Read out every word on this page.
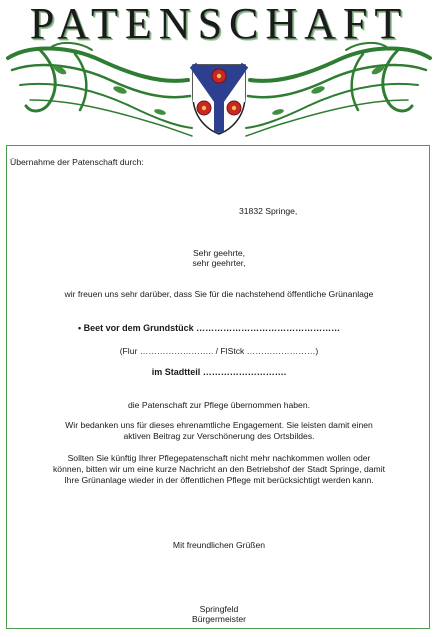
PATENSCHAFT
Übernahme der Patenschaft durch:
31832 Springe,
Sehr geehrte,
sehr geehrter,
wir freuen uns sehr darüber, dass Sie für die nachstehend öffentliche Grünanlage
• Beet vor dem Grundstück …………………………………………
(Flur …………………….. / FlStck ……………………)
im Stadtteil ……………………….
die Patenschaft zur Pflege übernommen haben.
Wir bedanken uns für dieses ehrenamtliche Engagement. Sie leisten damit einen
aktiven Beitrag zur Verschönerung des Ortsbildes.
Sollten Sie künftig Ihrer Pflegepatenschaft nicht mehr nachkommen wollen oder
können, bitten wir um eine kurze Nachricht an den Betriebshof der Stadt Springe, damit
Ihre Grünanlage wieder in der öffentlichen Pflege mit berücksichtigt werden kann.
Mit freundlichen Grüßen
Springfeld
Bürgermeister
